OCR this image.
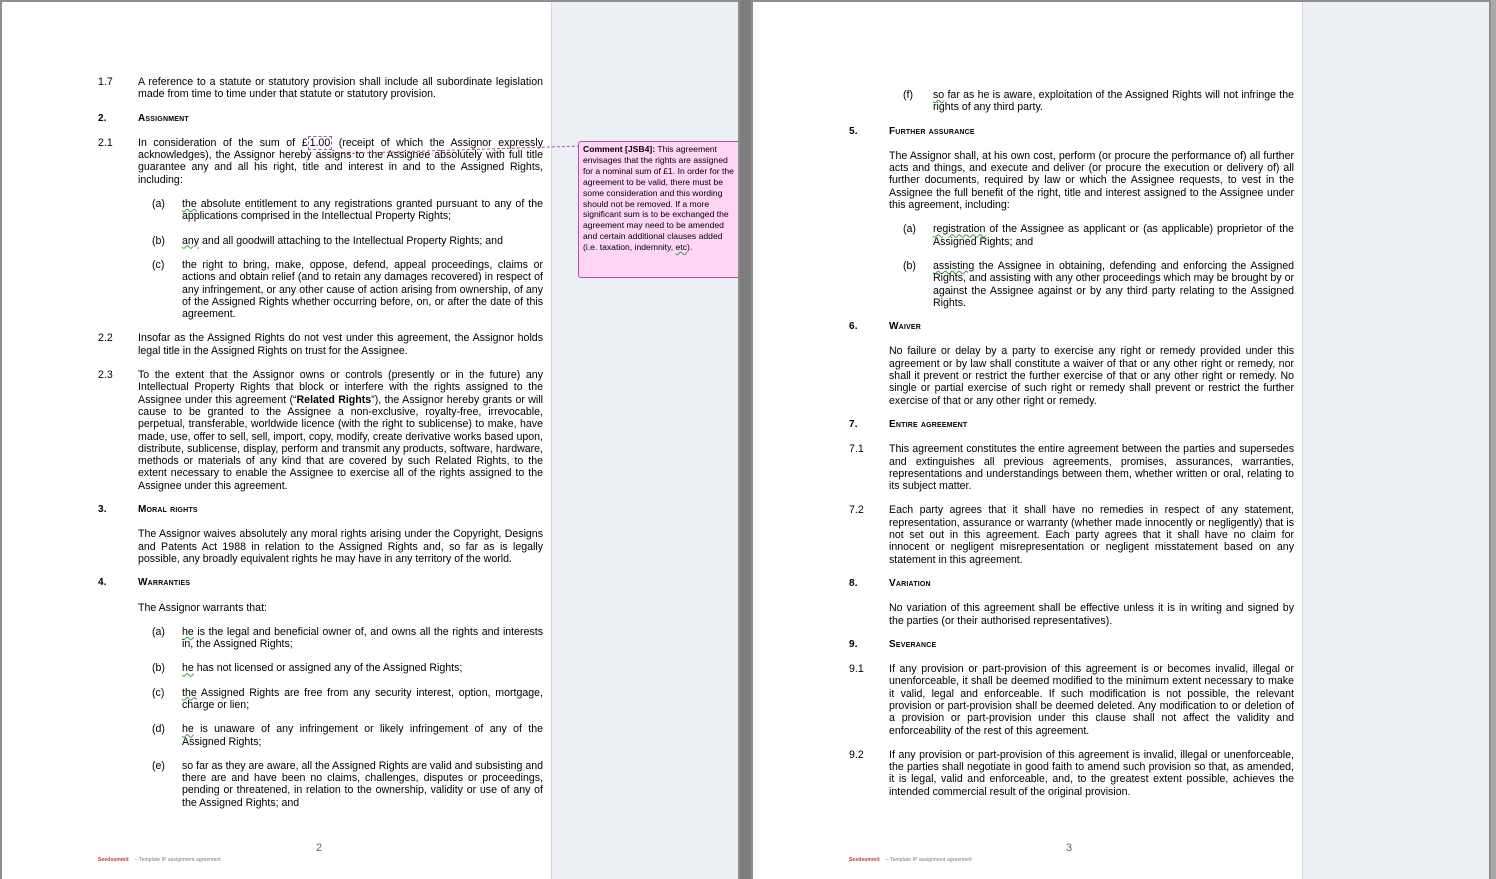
1.7 A reference to a statute or statutory provision shall include all subordinate legislation made from time to time under that statute or statutory provision.
2.	Assignment
2.1 In consideration of the sum of £ 1.00 (receipt of which the Assignor expressly acknowledges), the Assignor hereby assigns to the Assignee absolutely with full title guarantee any and all his right, title and interest in and to the Assigned Rights, including:
(a) the absolute entitlement to any registrations granted pursuant to any of the applications comprised in the Intellectual Property Rights;
(b) any and all goodwill attaching to the Intellectual Property Rights; and
(c) the right to bring, make, oppose, defend, appeal proceedings, claims or actions and obtain relief (and to retain any damages recovered) in respect of any infringement, or any other cause of action arising from ownership, of any of the Assigned Rights whether occurring before, on, or after the date of this agreement.
2.2 Insofar as the Assigned Rights do not vest under this agreement, the Assignor holds legal title in the Assigned Rights on trust for the Assignee.
2.3 To the extent that the Assignor owns or controls (presently or in the future) any Intellectual Property Rights that block or interfere with the rights assigned to the Assignee under this agreement (“Related Rights”), the Assignor hereby grants or will cause to be granted to the Assignee a non-exclusive, royalty-free, irrevocable, perpetual, transferable, worldwide licence (with the right to sublicense) to make, have made, use, offer to sell, sell, import, copy, modify, create derivative works based upon, distribute, sublicense, display, perform and transmit any products, software, hardware, methods or materials of any kind that are covered by such Related Rights, to the extent necessary to enable the Assignee to exercise all of the rights assigned to the Assignee under this agreement.
3.	Moral rights
The Assignor waives absolutely any moral rights arising under the Copyright, Designs and Patents Act 1988 in relation to the Assigned Rights and, so far as is legally possible, any broadly equivalent rights he may have in any territory of the world.
4.	Warranties
The Assignor warrants that:
(a) he is the legal and beneficial owner of, and owns all the rights and interests in, the Assigned Rights;
(b) he has not licensed or assigned any of the Assigned Rights;
(c) the Assigned Rights are free from any security interest, option, mortgage, charge or lien;
(d) he is unaware of any infringement or likely infringement of any of the Assigned Rights;
(e) so far as they are aware, all the Assigned Rights are valid and subsisting and there are and have been no claims, challenges, disputes or proceedings, pending or threatened, in relation to the ownership, validity or use of any of the Assigned Rights; and
Comment [JSB4]: This agreement envisages that the rights are assigned for a nominal sum of £1. In order for the agreement to be valid, there must be some consideration and this wording should not be removed. If a more significant sum is to be exchanged the agreement may need to be amended and certain additional clauses added (i.e. taxation, indemnity, etc).
2
Seedsummit – Template IP assignment agreement
(f) so far as he is aware, exploitation of the Assigned Rights will not infringe the rights of any third party.
5.	Further assurance
The Assignor shall, at his own cost, perform (or procure the performance of) all further acts and things, and execute and deliver (or procure the execution or delivery of) all further documents, required by law or which the Assignee requests, to vest in the Assignee the full benefit of the right, title and interest assigned to the Assignee under this agreement, including:
(a) registration of the Assignee as applicant or (as applicable) proprietor of the Assigned Rights; and
(b) assisting the Assignee in obtaining, defending and enforcing the Assigned Rights, and assisting with any other proceedings which may be brought by or against the Assignee against or by any third party relating to the Assigned Rights.
6.	Waiver
No failure or delay by a party to exercise any right or remedy provided under this agreement or by law shall constitute a waiver of that or any other right or remedy, nor shall it prevent or restrict the further exercise of that or any other right or remedy. No single or partial exercise of such right or remedy shall prevent or restrict the further exercise of that or any other right or remedy.
7.	Entire agreement
7.1 This agreement constitutes the entire agreement between the parties and supersedes and extinguishes all previous agreements, promises, assurances, warranties, representations and understandings between them, whether written or oral, relating to its subject matter.
7.2 Each party agrees that it shall have no remedies in respect of any statement, representation, assurance or warranty (whether made innocently or negligently) that is not set out in this agreement. Each party agrees that it shall have no claim for innocent or negligent misrepresentation or negligent misstatement based on any statement in this agreement.
8.	Variation
No variation of this agreement shall be effective unless it is in writing and signed by the parties (or their authorised representatives).
9.	Severance
9.1 If any provision or part-provision of this agreement is or becomes invalid, illegal or unenforceable, it shall be deemed modified to the minimum extent necessary to make it valid, legal and enforceable. If such modification is not possible, the relevant provision or part-provision shall be deemed deleted. Any modification to or deletion of a provision or part-provision under this clause shall not affect the validity and enforceability of the rest of this agreement.
9.2 If any provision or part-provision of this agreement is invalid, illegal or unenforceable, the parties shall negotiate in good faith to amend such provision so that, as amended, it is legal, valid and enforceable, and, to the greatest extent possible, achieves the intended commercial result of the original provision.
3
Seedsummit – Template IP assignment agreement
